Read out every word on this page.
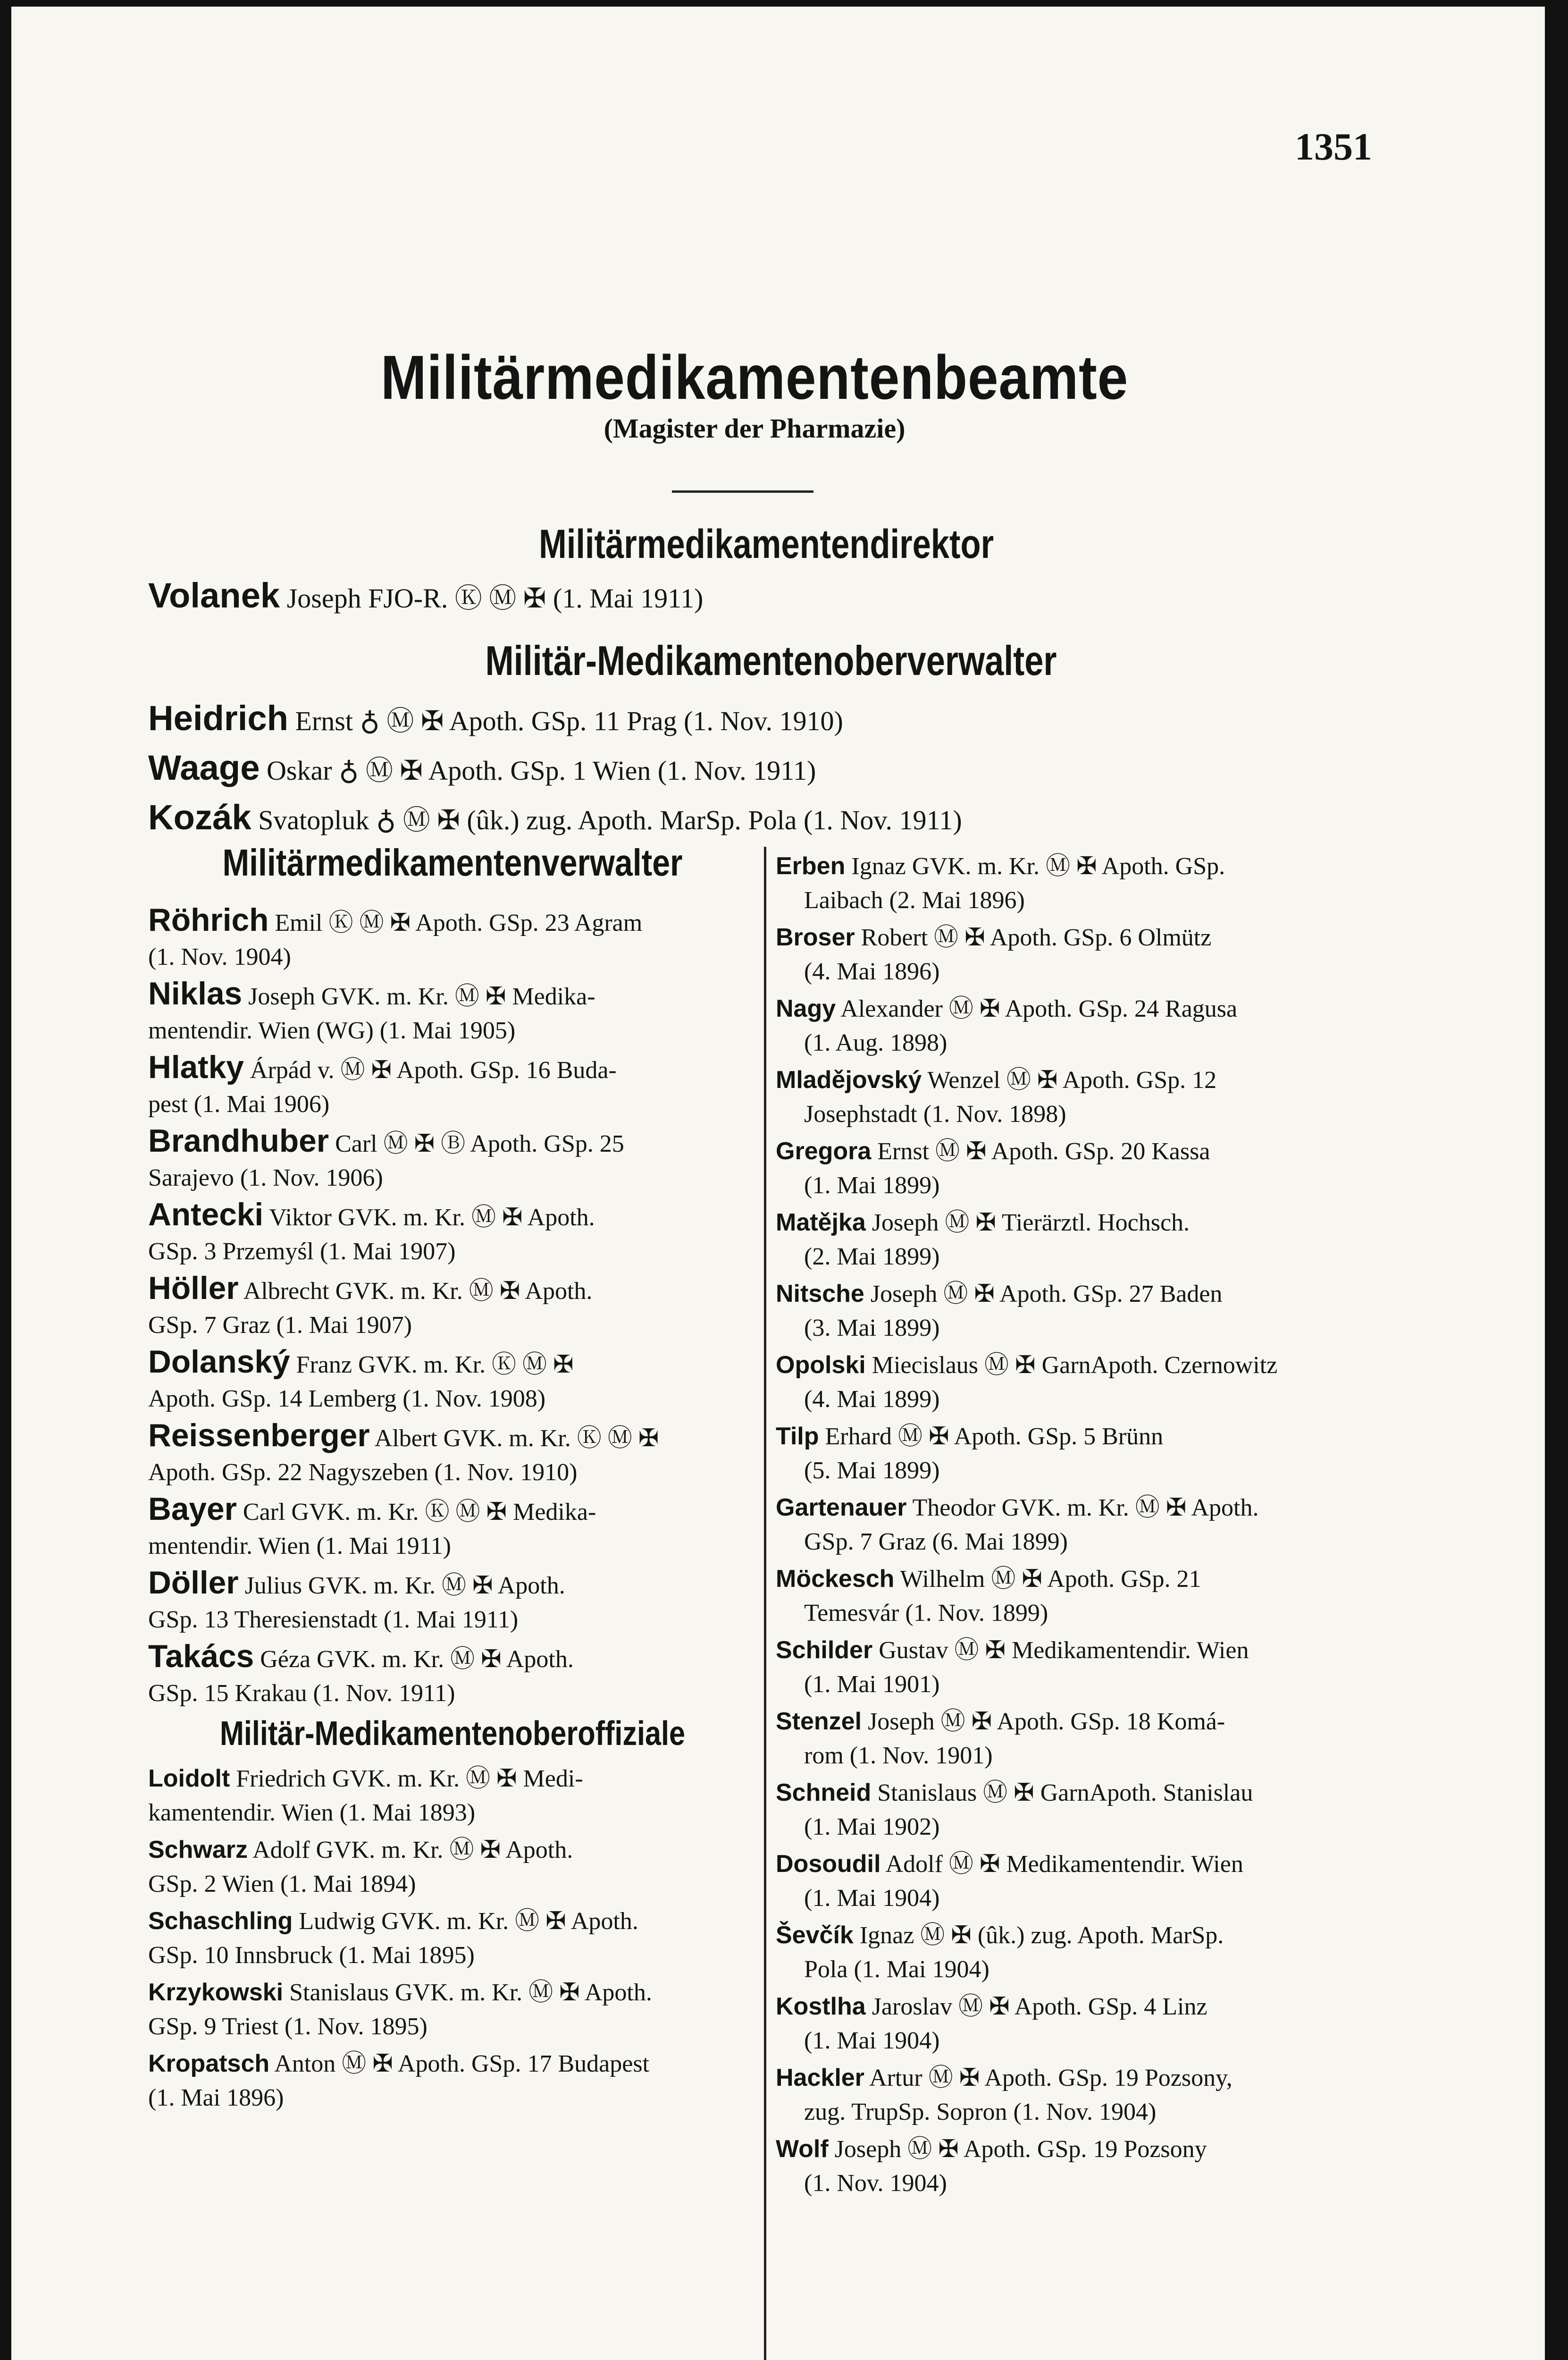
1351
Militärmedikamentenbeamte
(Magister der Pharmazie)
Militärmedikamentendirektor
Volanek Joseph FJO-R. Ⓚ Ⓜ ✠ (1. Mai 1911)
Militär-Medikamentenoberverwalter
Heidrich Ernst ♁ Ⓜ ✠ Apoth. GSp. 11 Prag (1. Nov. 1910)
Waage Oskar ♁ Ⓜ ✠ Apoth. GSp. 1 Wien (1. Nov. 1911)
Kozák Svatopluk ♁ Ⓜ ✠ (ûk.) zug. Apoth. MarSp. Pola (1. Nov. 1911)
Militärmedikamentenverwalter
Röhrich Emil Ⓚ Ⓜ ✠ Apoth. GSp. 23 Agram
(1. Nov. 1904)
Niklas Joseph GVK. m. Kr. Ⓜ ✠ Medika-
mentendir. Wien (WG) (1. Mai 1905)
Hlatky Árpád v. Ⓜ ✠ Apoth. GSp. 16 Buda-
pest (1. Mai 1906)
Brandhuber Carl Ⓜ ✠ Ⓑ Apoth. GSp. 25
Sarajevo (1. Nov. 1906)
Antecki Viktor GVK. m. Kr. Ⓜ ✠ Apoth.
GSp. 3 Przemyśl (1. Mai 1907)
Höller Albrecht GVK. m. Kr. Ⓜ ✠ Apoth.
GSp. 7 Graz (1. Mai 1907)
Dolanský Franz GVK. m. Kr. Ⓚ Ⓜ ✠
Apoth. GSp. 14 Lemberg (1. Nov. 1908)
Reissenberger Albert GVK. m. Kr. Ⓚ Ⓜ ✠
Apoth. GSp. 22 Nagyszeben (1. Nov. 1910)
Bayer Carl GVK. m. Kr. Ⓚ Ⓜ ✠ Medika-
mentendir. Wien (1. Mai 1911)
Döller Julius GVK. m. Kr. Ⓜ ✠ Apoth.
GSp. 13 Theresienstadt (1. Mai 1911)
Takács Géza GVK. m. Kr. Ⓜ ✠ Apoth.
GSp. 15 Krakau (1. Nov. 1911)
Militär-Medikamentenoberoffiziale
Loidolt Friedrich GVK. m. Kr. Ⓜ ✠ Medi-
kamentendir. Wien (1. Mai 1893)
Schwarz Adolf GVK. m. Kr. Ⓜ ✠ Apoth.
GSp. 2 Wien (1. Mai 1894)
Schaschling Ludwig GVK. m. Kr. Ⓜ ✠ Apoth.
GSp. 10 Innsbruck (1. Mai 1895)
Krzykowski Stanislaus GVK. m. Kr. Ⓜ ✠ Apoth.
GSp. 9 Triest (1. Nov. 1895)
Kropatsch Anton Ⓜ ✠ Apoth. GSp. 17 Budapest
(1. Mai 1896)
Erben Ignaz GVK. m. Kr. Ⓜ ✠ Apoth. GSp.
Laibach (2. Mai 1896)
Broser Robert Ⓜ ✠ Apoth. GSp. 6 Olmütz
(4. Mai 1896)
Nagy Alexander Ⓜ ✠ Apoth. GSp. 24 Ragusa
(1. Aug. 1898)
Mladějovský Wenzel Ⓜ ✠ Apoth. GSp. 12
Josephstadt (1. Nov. 1898)
Gregora Ernst Ⓜ ✠ Apoth. GSp. 20 Kassa
(1. Mai 1899)
Matějka Joseph Ⓜ ✠ Tierärztl. Hochsch.
(2. Mai 1899)
Nitsche Joseph Ⓜ ✠ Apoth. GSp. 27 Baden
(3. Mai 1899)
Opolski Miecislaus Ⓜ ✠ GarnApoth. Czernowitz
(4. Mai 1899)
Tilp Erhard Ⓜ ✠ Apoth. GSp. 5 Brünn
(5. Mai 1899)
Gartenauer Theodor GVK. m. Kr. Ⓜ ✠ Apoth.
GSp. 7 Graz (6. Mai 1899)
Möckesch Wilhelm Ⓜ ✠ Apoth. GSp. 21
Temesvár (1. Nov. 1899)
Schilder Gustav Ⓜ ✠ Medikamentendir. Wien
(1. Mai 1901)
Stenzel Joseph Ⓜ ✠ Apoth. GSp. 18 Komá-
rom (1. Nov. 1901)
Schneid Stanislaus Ⓜ ✠ GarnApoth. Stanislau
(1. Mai 1902)
Dosoudil Adolf Ⓜ ✠ Medikamentendir. Wien
(1. Mai 1904)
Ševčík Ignaz Ⓜ ✠ (ûk.) zug. Apoth. MarSp.
Pola (1. Mai 1904)
Kostlha Jaroslav Ⓜ ✠ Apoth. GSp. 4 Linz
(1. Mai 1904)
Hackler Artur Ⓜ ✠ Apoth. GSp. 19 Pozsony,
zug. TrupSp. Sopron (1. Nov. 1904)
Wolf Joseph Ⓜ ✠ Apoth. GSp. 19 Pozsony
(1. Nov. 1904)
